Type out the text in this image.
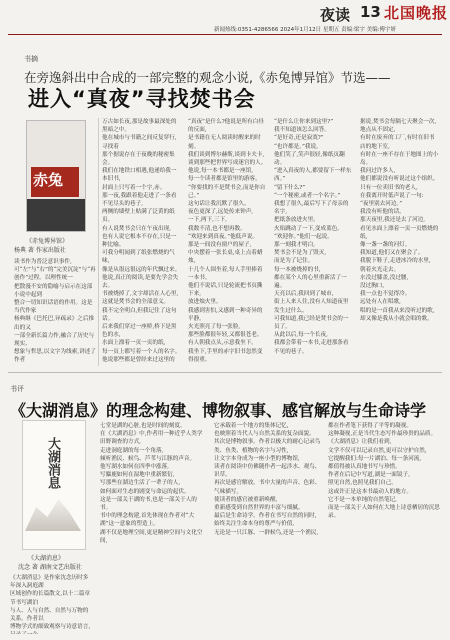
夜读 13 北国晚报
新闻热线:0351-4286566 2024年1月12日 星期五 责编:梁宇 美编:傅宇妍
书摘
在旁逸斜出中合成的一部完整的观念小说,《赤兔博异馆》节选——
进入“真夜”寻找焚书会
赤兔
《赤兔博异馆》
杨典 著 作家出版社
读书作为普泛意识事件,可“左”与“右”的“完美沉淀”与“再创作”过程。以理性统一
把散漫不安的隐喻与启示在这部小说中起到
整合一切知识话语的作用。这是当代作家
杨典继《巴托巴,异疏录》之后推出的又
一部全新长篇力作,融合了历史与现实、
想象与哲思,以文字为线索,讲述了作者
万古如长夜,那是故事最深处的黑暗之中。
他在城市与书籍之间反复穿行,寻找着
那个据说存在于夜晚的秘密集会。
我们在地铁口相遇,他递给我一本旧书,
封面上只写着一个字,赤。
那一夜,我跟着他走进了一条看不见尽头的巷子,
两侧的墙壁上贴满了泛黄的纸页。
有人说焚书会只在午夜出现,
也有人说它根本不存在,只是一种比喻。
可我分明闻到了纸张燃烧的气味,
像是从很远很远的年代飘过来。
他说,真正的阅读,是要先学会失去。
书被烧掉了,文字却活在人心里,
这就是焚书会的全部意义。
我不完全明白,但我记住了这句话。
后来我们穿过一座桥,桥下是黑色的水,
水面上漂着一页一页的纸,
每一页上都写着一个人的名字。
他说那些都是曾经来过这里的
“真夜”是什么?他说是所有白昼的反面,
是书籍在无人阅读时醒来的时刻。
我们谈到博尔赫斯,谈到卡夫卡,
谈到那些把世界写成迷宫的人。
他说,每一本书都是一座馆,
每一个读者都是馆里的游客。
“你要找的不是焚书会,而是你自己。”
这句话让我沉默了很久。
夜色更深了,远处传来钟声,
一下,两下,三下,
我数不清,也不想再数。
“欢迎来到真夜。”他低声说。
那是一间没有窗户的屋子,
中央摆着一张长桌,桌上点着蜡烛,
十几个人围坐着,每人手里捧着一本书。
他们不说话,只是轮流把书页撕下来,
放进烛火里。
我感到害怕,又感到一种奇异的平静。
火光照亮了每一张脸,
那些脸都很年轻,又都很苍老。
有人朝我点头,示意我坐下。
我坐下,手里的赤字旧书忽然变得很重。
“是什么让你来到这里?”
我不知道该怎么回答。
“是好奇,还是寂寞?”
“也许都是。”我说。
他们笑了,笑声很轻,像纸页翻动。
“进入真夜的人,都要留下一样东西。”
“留下什么?”
“一个秘密,或者一个名字。”
我想了很久,最后写下了母亲的名字,
把纸条放进火里。
火焰跳动了一下,变成蓝色。
“欢迎你。”他们一起说。
那一刻我才明白,
焚书会不是为了毁灭,
而是为了记住。
每一本被烧掉的书,
都在某个人的心里重新活了一遍。
天亮以后,我回到了城市,
街上人来人往,没有人知道夜里发生过什么。
可我知道,我已经是焚书会的一员了。
从此以后,每一个长夜,
我都会带着一本书,走进那条看不见的巷子。
据说,焚书会每隔七天聚会一次,
地点从不固定,
有时在废弃的工厂,有时在旧书店的地下室,
有时在一座不存在于地图上的小岛。
我问过许多人,
他们都说没有听说过这个组织。
只有一位卖旧书的老人,
在我离开时低声说了一句:
“夜里别去河边。”
我没有听他的话。
那天夜里,我还是去了河边,
看见水面上漂着一页一页燃烧的纸,
像一盏一盏的河灯。
我知道,他们又在聚会了。
我脱下鞋子,走进冰冷的水里,
朝着火光走去。
水没过膝盖,没过腰,
没过胸口,
我一点也不觉得冷。
远处有人在唱歌,
唱的是一首我从来没听过的歌,
却又像是我从小就会唱的歌。
书评
《大湖消息》的理念构建、博物叙事、感官解放与生命诗学
大湖消息
《大湖消息》
沈念 著 湖南文艺出版社
《大湖消息》是作家沈念历时多年深入洞庭湖
区域创作的长篇散文,以十二篇章节书写湖泊
与人、人与自然、自然与万物的关系。作者以
博物学式的细致观察与诗意语言,
七堂是湖的心脏,也是时间的刻度。
在《大湖消息》中,作者用一种近乎人类学田野调查的方式,
走进洞庭湖的每一个角落,
倾听渔民、候鸟、芦苇与江豚的声音。
他写湖水如何在四季中涨落,
写麋鹿如何在湿地中重新繁衍,
写那些在湖边生活了一辈子的人,
如何面对生态的剧变与命运的起伏。
这是一部关于湖的书,也是一部关于人的书。
书中的理念构建,首先体现在作者对“大湖”这一意象的塑造上。
湖不仅是地理空间,更是精神空间与文化空间,
它承载着一个地方的集体记忆,
也映照着当代人与自然关系的复杂面貌。
其次是博物叙事。作者以极大的耐心记录鸟类、鱼类、植物的名字与习性,
让文字本身成为一座小型的博物馆,
读者在阅读中仿佛随作者一起涉水、观鸟、识草。
再次是感官解放。书中大量的声音、色彩、气味描写,
使读者的感官被重新唤醒,
重新感受到自然世界的丰富与细腻。
最后是生命诗学。作者在书写自然的同时,
始终关注生命本身的尊严与价值,
无论是一只江豚、一群候鸟,还是一个渔民,
都在作者笔下获得了平等的凝视。
这种凝视,正是当代生态写作最珍贵的品质。
《大湖消息》让我们看到,
文学不仅可以记录自然,更可以守护自然,
它提醒我们:每一片湖泊、每一条河流,
都值得被认真地书写与珍惜。
作者在后记中写道,湖是一面镜子,
照见自然,也照见我们自己。
这或许正是这本书最动人的地方。
它不是一本单纯的自然笔记,
而是一部关于人如何在大地上诗意栖居的沉思录。
